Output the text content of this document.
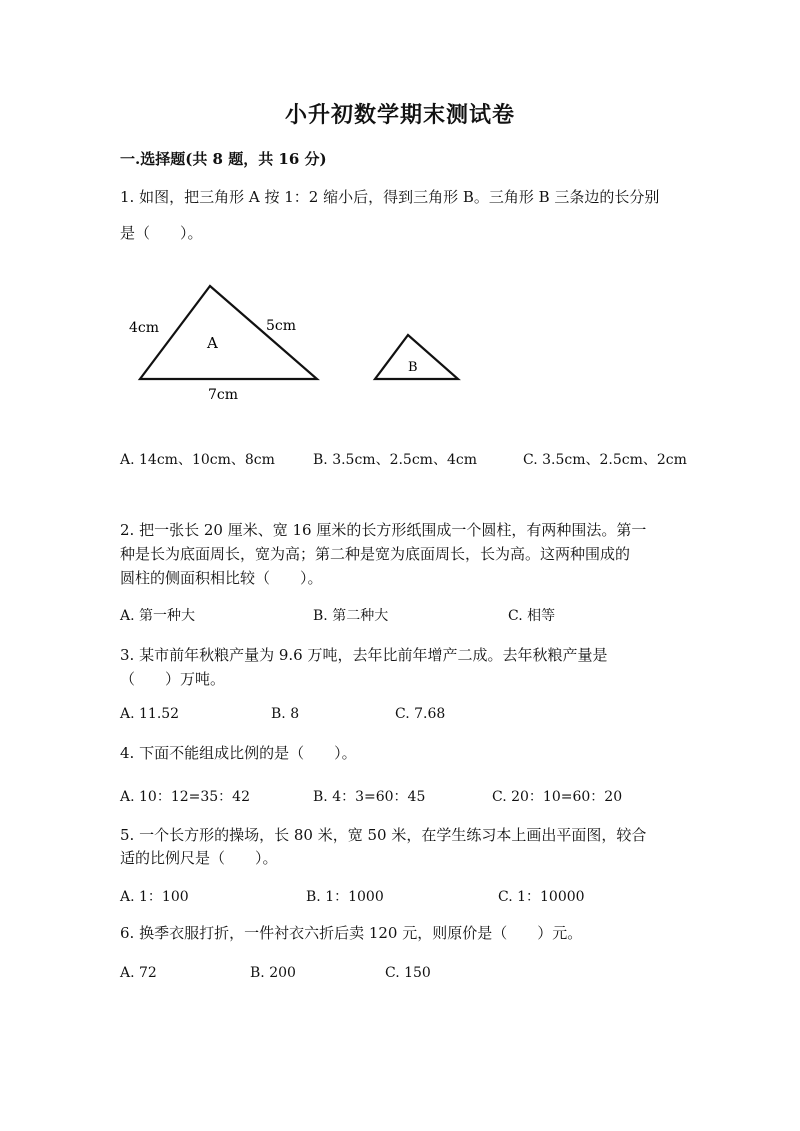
小升初数学期末测试卷
一.选择题(共 8 题，共 16 分)
1. 如图，把三角形 A 按 1：2 缩小后，得到三角形 B。三角形 B 三条边的长分别
是（　　）。
A
4cm	5cm
7cm
B
A. 14cm、10cm、8cm	B. 3.5cm、2.5cm、4cm	C. 3.5cm、2.5cm、2cm
2. 把一张长 20 厘米、宽 16 厘米的长方形纸围成一个圆柱，有两种围法。第一
种是长为底面周长，宽为高；第二种是宽为底面周长，长为高。这两种围成的
圆柱的侧面积相比较（　　）。
A. 第一种大	B. 第二种大	C. 相等
3. 某市前年秋粮产量为 9.6 万吨，去年比前年增产二成。去年秋粮产量是
（　　）万吨。
A. 11.52	B. 8	C. 7.68
4. 下面不能组成比例的是（　　）。
A. 10：12=35：42	B. 4：3=60：45	C. 20：10=60：20
5. 一个长方形的操场，长 80 米，宽 50 米，在学生练习本上画出平面图，较合
适的比例尺是（　　）。
A. 1：100	B. 1：1000	C. 1：10000
6. 换季衣服打折，一件衬衣六折后卖 120 元，则原价是（　　）元。
A. 72	B. 200	C. 150
